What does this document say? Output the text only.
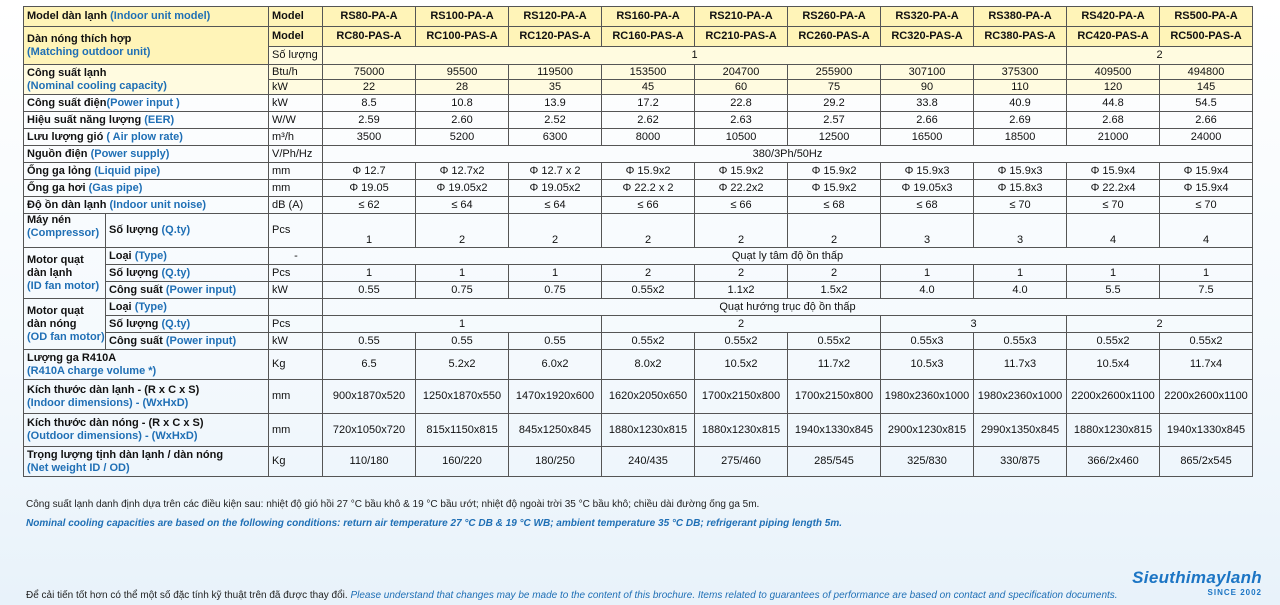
Model dàn lạnh (Indoor unit model)		Model	RS80-PA-A	RS100-PA-A	RS120-PA-A	RS160-PA-A	RS210-PA-A	RS260-PA-A	RS320-PA-A	RS380-PA-A	RS420-PA-A	RS500-PA-A

Dàn nóng thích hợp
(Matching outdoor unit)		Model	RC80-PAS-A	RC100-PAS-A	RC120-PAS-A	RC160-PAS-A	RC210-PAS-A	RC260-PAS-A	RC320-PAS-A	RC380-PAS-A	RC420-PAS-A	RC500-PAS-A
		Số lượng	1								2	

Công suất lạnh
(Nominal cooling capacity)		Btu/h	75000	95500	119500	153500	204700	255900	307100	375300	409500	494800
		kW	22	28	35	45	60	75	90	110	120	145
Công suất điện(Power input )		kW	8.5	10.8	13.9	17.2	22.8	29.2	33.8	40.9	44.8	54.5
Hiệu suất năng lượng (EER)		W/W	2.59	2.60	2.52	2.62	2.63	2.57	2.66	2.69	2.68	2.66
Lưu lượng gió ( Air plow rate)		m³/h	3500	5200	6300	8000	10500	12500	16500	18500	21000	24000
Nguồn điện (Power supply)		V/Ph/Hz	380/3Ph/50Hz									
Ống ga lỏng (Liquid pipe)		mm	Φ 12.7	Φ 12.7x2	Φ 12.7 x 2	Φ 15.9x2	Φ 15.9x2	Φ 15.9x2	Φ 15.9x3	Φ 15.9x3	Φ 15.9x4	Φ 15.9x4
Ống ga hơi (Gas pipe)		mm	Φ 19.05	Φ 19.05x2	Φ 19.05x2	Φ 22.2 x 2	Φ 22.2x2	Φ 15.9x2	Φ 19.05x3	Φ 15.8x3	Φ 22.2x4	Φ 15.9x4
Độ ồn dàn lạnh (Indoor unit noise)		dB (A)	≤ 62	≤ 64	≤ 64	≤ 66	≤ 66	≤ 68	≤ 68	≤ 70	≤ 70	≤ 70

Máy nén
(Compressor)	Số lượng (Q.ty)	Pcs	1	2	2	2	2	2	3	3	4	4

Motor quạt
dàn lạnh
(ID fan motor)	Loại (Type)	-	Quạt ly tâm độ ồn thấp									
	Số lượng (Q.ty)	Pcs	1	1	1	2	2	2	1	1	1	1
	Công suất (Power input)	kW	0.55	0.75	0.75	0.55x2	1.1x2	1.5x2	4.0	4.0	5.5	7.5

Motor quạt
dàn nóng
(OD fan motor)	Loại (Type)		Quạt hướng trục độ ồn thấp									
	Số lượng (Q.ty)	Pcs	1			2			3		2	
	Công suất (Power input)	kW	0.55	0.55	0.55	0.55x2	0.55x2	0.55x2	0.55x3	0.55x3	0.55x2	0.55x2

Lượng ga R410A
(R410A charge volume *)		Kg	6.5	5.2x2	6.0x2	8.0x2	10.5x2	11.7x2	10.5x3	11.7x3	10.5x4	11.7x4

Kích thước dàn lạnh - (R x C x S)
(Indoor dimensions) - (WxHxD)		mm	900x1870x520	1250x1870x550	1470x1920x600	1620x2050x650	1700x2150x800	1700x2150x800	1980x2360x1000	1980x2360x1000	2200x2600x1100	2200x2600x1100

Kích thước dàn nóng - (R x C x S)
(Outdoor dimensions) - (WxHxD)		mm	720x1050x720	815x1150x815	845x1250x845	1880x1230x815	1880x1230x815	1940x1330x845	2900x1230x815	2990x1350x845	1880x1230x815	1940x1330x845

Trọng lượng tịnh dàn lạnh / dàn nóng
(Net weight ID / OD)		Kg	110/180	160/220	180/250	240/435	275/460	285/545	325/830	330/875	366/2x460	865/2x545
Công suất lạnh danh định dựa trên các điều kiện sau: nhiệt độ gió hồi 27 °C bầu khô & 19 °C bầu ướt; nhiệt độ ngoài trời 35 °C bầu khô; chiều dài đường ống ga 5m.
Nominal cooling capacities are based on the following conditions: return air temperature 27 °C DB & 19 °C WB; ambient temperature 35 °C DB; refrigerant piping length 5m.
Để cải tiến tốt hơn có thể một số đặc tính kỹ thuật trên đã được thay đổi. Please understand that changes may be made to the content of this brochure. Items related to guarantees of performance are based on contact and specification documents.
Sieuthimaylanh
SINCE 2002
